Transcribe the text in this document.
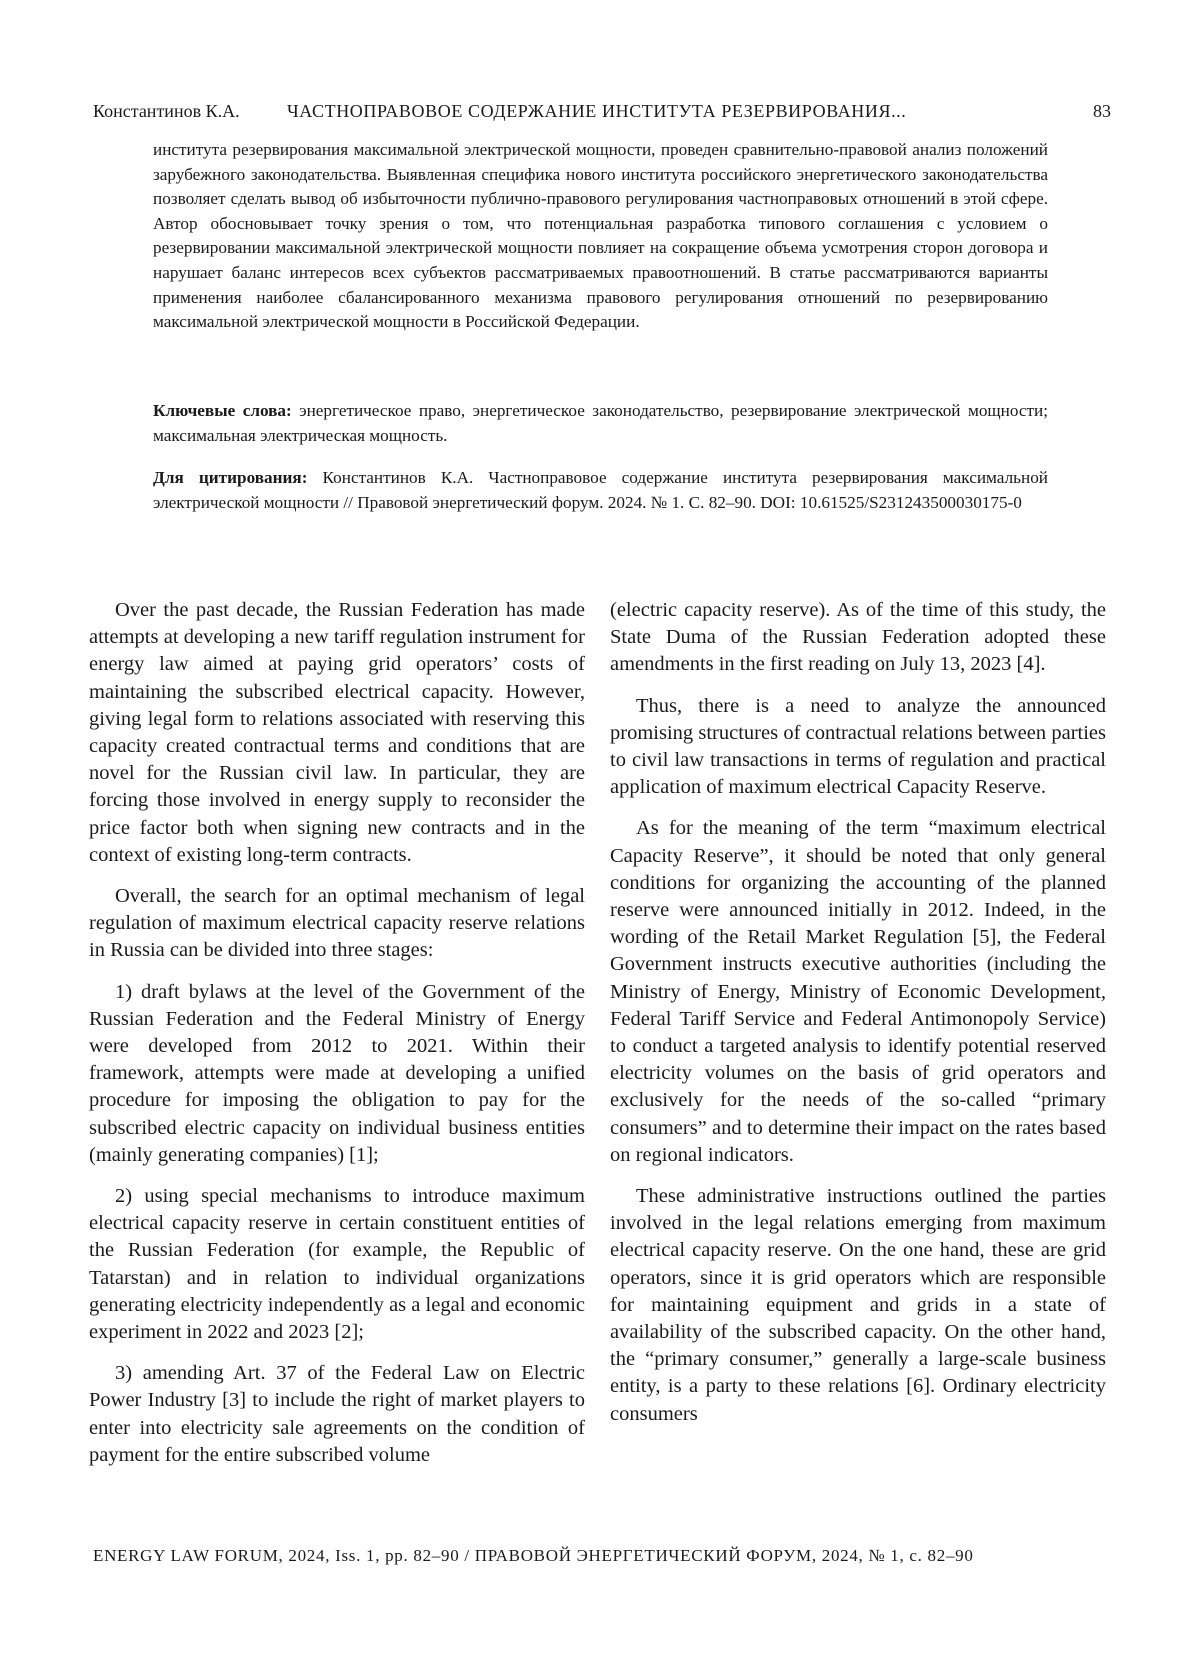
Константинов К.А.	ЧАСТНОПРАВОВОЕ СОДЕРЖАНИЕ ИНСТИТУТА РЕЗЕРВИРОВАНИЯ...	83

института резервирования максимальной электрической мощности, проведен сравнительно-правовой анализ положений зарубежного законодательства. Выявленная специфика нового института российского энергетического законодательства позволяет сделать вывод об избыточности публично-правового регулирования частноправовых отношений в этой сфере. Автор обосновывает точку зрения о том, что потенциальная разработка типового соглашения с условием о резервировании максимальной электрической мощности повлияет на сокращение объема усмотрения сторон договора и нарушает баланс интересов всех субъектов рассматриваемых правоотношений. В статье рассматриваются варианты применения наиболее сбалансированного механизма правового регулирования отношений по резервированию максимальной электрической мощности в Российской Федерации.

Ключевые слова: энергетическое право, энергетическое законодательство, резервирование электрической мощности; максимальная электрическая мощность.

Для цитирования: Константинов К.А. Частноправовое содержание института резервирования максимальной электрической мощности // Правовой энергетический форум. 2024. № 1. С. 82–90. DOI: 10.61525/S231243500030175-0

Over the past decade, the Russian Federation has made attempts at developing a new tariff regulation instrument for energy law aimed at paying grid operators’ costs of maintaining the subscribed electrical capacity. However, giving legal form to relations associated with reserving this capacity created contractual terms and conditions that are novel for the Russian civil law. In particular, they are forcing those involved in energy supply to reconsider the price factor both when signing new contracts and in the context of existing long-term contracts.

Overall, the search for an optimal mechanism of legal regulation of maximum electrical capacity reserve relations in Russia can be divided into three stages:

1) draft bylaws at the level of the Government of the Russian Federation and the Federal Ministry of Energy were developed from 2012 to 2021. Within their framework, attempts were made at developing a unified procedure for imposing the obligation to pay for the subscribed electric capacity on individual business entities (mainly generating companies) [1];

2) using special mechanisms to introduce maximum electrical capacity reserve in certain constituent entities of the Russian Federation (for example, the Republic of Tatarstan) and in relation to individual organizations generating electricity independently as a legal and economic experiment in 2022 and 2023 [2];

3) amending Art. 37 of the Federal Law on Electric Power Industry [3] to include the right of market players to enter into electricity sale agreements on the condition of payment for the entire subscribed volume

(electric capacity reserve). As of the time of this study, the State Duma of the Russian Federation adopted these amendments in the first reading on July 13, 2023 [4].

Thus, there is a need to analyze the announced promising structures of contractual relations between parties to civil law transactions in terms of regulation and practical application of maximum electrical Capacity Reserve.

As for the meaning of the term “maximum electrical Capacity Reserve”, it should be noted that only general conditions for organizing the accounting of the planned reserve were announced initially in 2012. Indeed, in the wording of the Retail Market Regulation [5], the Federal Government instructs executive authorities (including the Ministry of Energy, Ministry of Economic Development, Federal Tariff Service and Federal Antimonopoly Service) to conduct a targeted analysis to identify potential reserved electricity volumes on the basis of grid operators and exclusively for the needs of the so-called “primary consumers” and to determine their impact on the rates based on regional indicators.

These administrative instructions outlined the parties involved in the legal relations emerging from maximum electrical capacity reserve. On the one hand, these are grid operators, since it is grid operators which are responsible for maintaining equipment and grids in a state of availability of the subscribed capacity. On the other hand, the “primary consumer,” generally a large-scale business entity, is a party to these relations [6]. Ordinary electricity consumers

ENERGY LAW FORUM, 2024, Iss. 1, pp. 82–90 / ПРАВОВОЙ ЭНЕРГЕТИЧЕСКИЙ ФОРУМ, 2024, № 1, с. 82–90
